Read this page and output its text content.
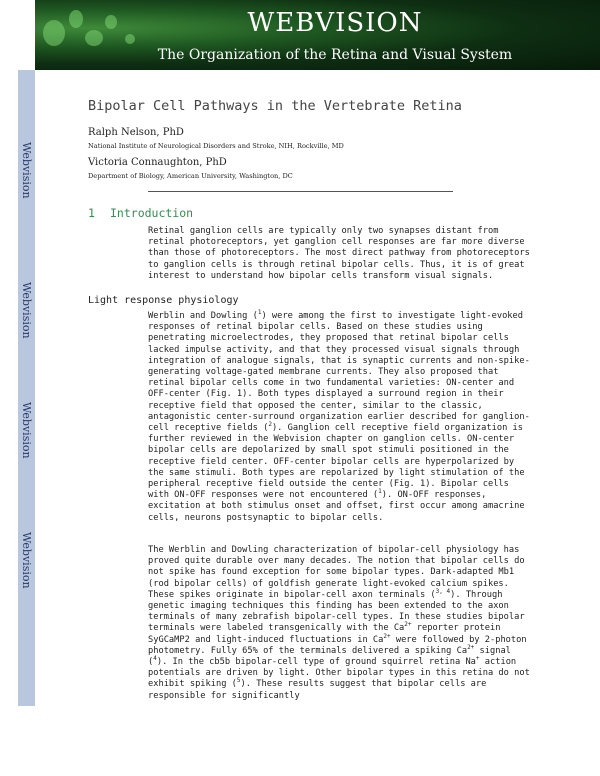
WEBVISION
The Organization of the Retina and Visual System
Webvision
Webvision
Webvision
Webvision
Bipolar Cell Pathways in the Vertebrate Retina
Ralph Nelson, PhD
National Institute of Neurological Disorders and Stroke, NIH, Rockville, MD
Victoria Connaughton, PhD
Department of Biology, American University, Washington, DC
1 Introduction
Retinal ganglion cells are typically only two synapses distant from retinal photoreceptors, yet ganglion cell responses are far more diverse than those of photoreceptors. The most direct pathway from photoreceptors to ganglion cells is through retinal bipolar cells. Thus, it is of great interest to understand how bipolar cells transform visual signals.
Light response physiology
Werblin and Dowling ($^1$) were among the first to investigate light-evoked responses of retinal bipolar cells. Based on these studies using penetrating microelectrodes, they proposed that retinal bipolar cells lacked impulse activity, and that they processed visual signals through integration of analogue signals, that is synaptic currents and non-spike-generating voltage-gated membrane currents. They also proposed that retinal bipolar cells come in two fundamental varieties: ON-center and OFF-center (Fig. 1). Both types displayed a surround region in their receptive field that opposed the center, similar to the classic, antagonistic center-surround organization earlier described for ganglion-cell receptive fields ($^2$). Ganglion cell receptive field organization is further reviewed in the Webvision chapter on ganglion cells. ON-center bipolar cells are depolarized by small spot stimuli positioned in the receptive field center. OFF-center bipolar cells are hyperpolarized by the same stimuli. Both types are repolarized by light stimulation of the peripheral receptive field outside the center (Fig. 1). Bipolar cells with ON-OFF responses were not encountered ($^1$). ON-OFF responses, excitation at both stimulus onset and offset, first occur among amacrine cells, neurons postsynaptic to bipolar cells.
The Werblin and Dowling characterization of bipolar-cell physiology has proved quite durable over many decades. The notion that bipolar cells do not spike has found exception for some bipolar types. Dark-adapted Mb1 (rod bipolar cells) of goldfish generate light-evoked calcium spikes. These spikes originate in bipolar-cell axon terminals ($^{3, 4}$). Through genetic imaging techniques this finding has been extended to the axon terminals of many zebrafish bipolar-cell types. In these studies bipolar terminals were labeled transgenically with the $Ca^{2+}$ reporter protein SyGCaMP2 and light-induced fluctuations in $Ca^{2+}$ were followed by 2-photon photometry. Fully 65% of the terminals delivered a spiking $Ca^{2+}$ signal ($^4$). In the cb5b bipolar-cell type of ground squirrel retina Na+ action potentials are driven by light. Other bipolar types in this retina do not exhibit spiking ($^5$). These results suggest that bipolar cells are responsible for significantly
